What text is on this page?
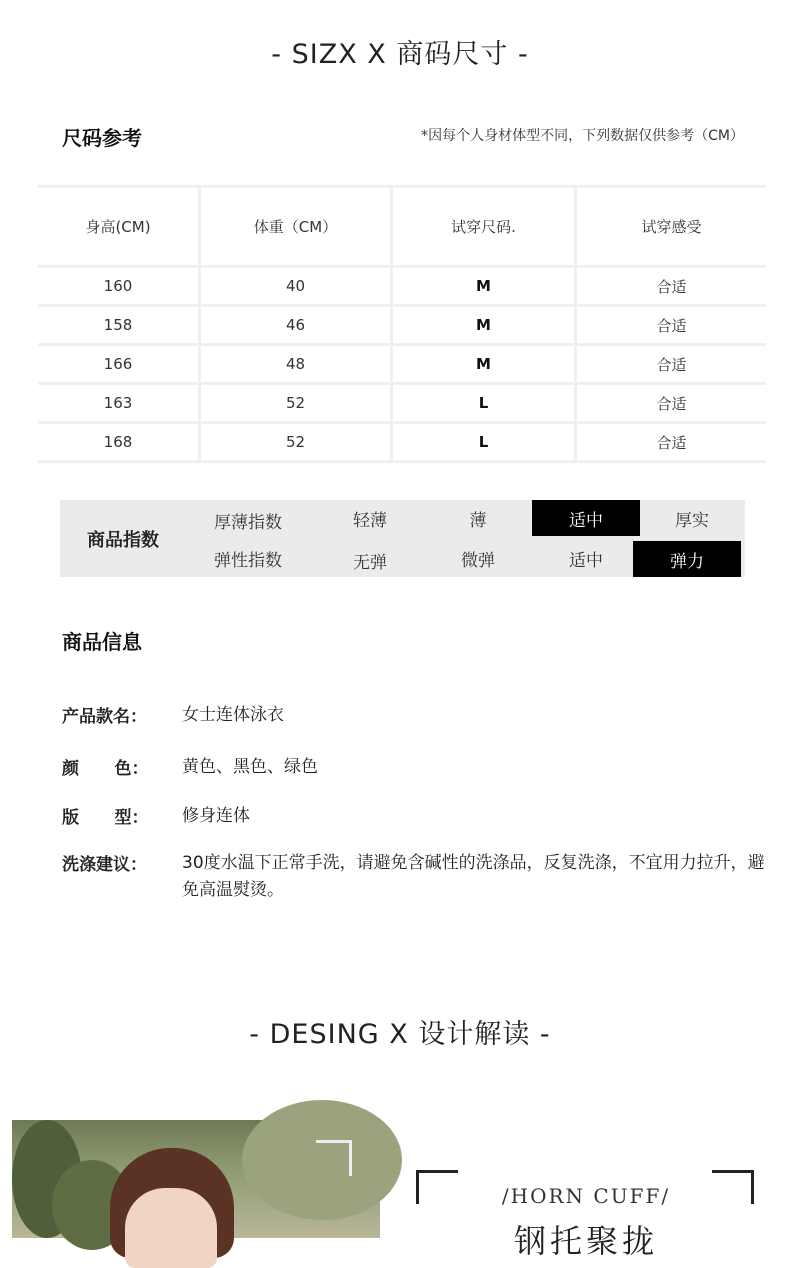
- SIZX X 商码尺寸 -
尺码参考	*因每个人身材体型不同，下列数据仅供参考（CM）
身高(CM)	体重（CM）	试穿尺码.	试穿感受
160	40	M	合适
158	46	M	合适
166	48	M	合适
163	52	L	合适
168	52	L	合适
商品指数
厚薄指数	轻薄	薄	适中	厚实
弹性指数	无弹	微弹	适中	弹力
商品信息
产品款名：	女士连体泳衣
颜      色：	黄色、黑色、绿色
版      型：	修身连体
洗涤建议：	30度水温下正常手洗，请避免含碱性的洗涤品，反复洗涤，不宜用力拉升，避免高温熨烫。
- DESING X 设计解读 -
/HORN CUFF/
钢托聚拢
